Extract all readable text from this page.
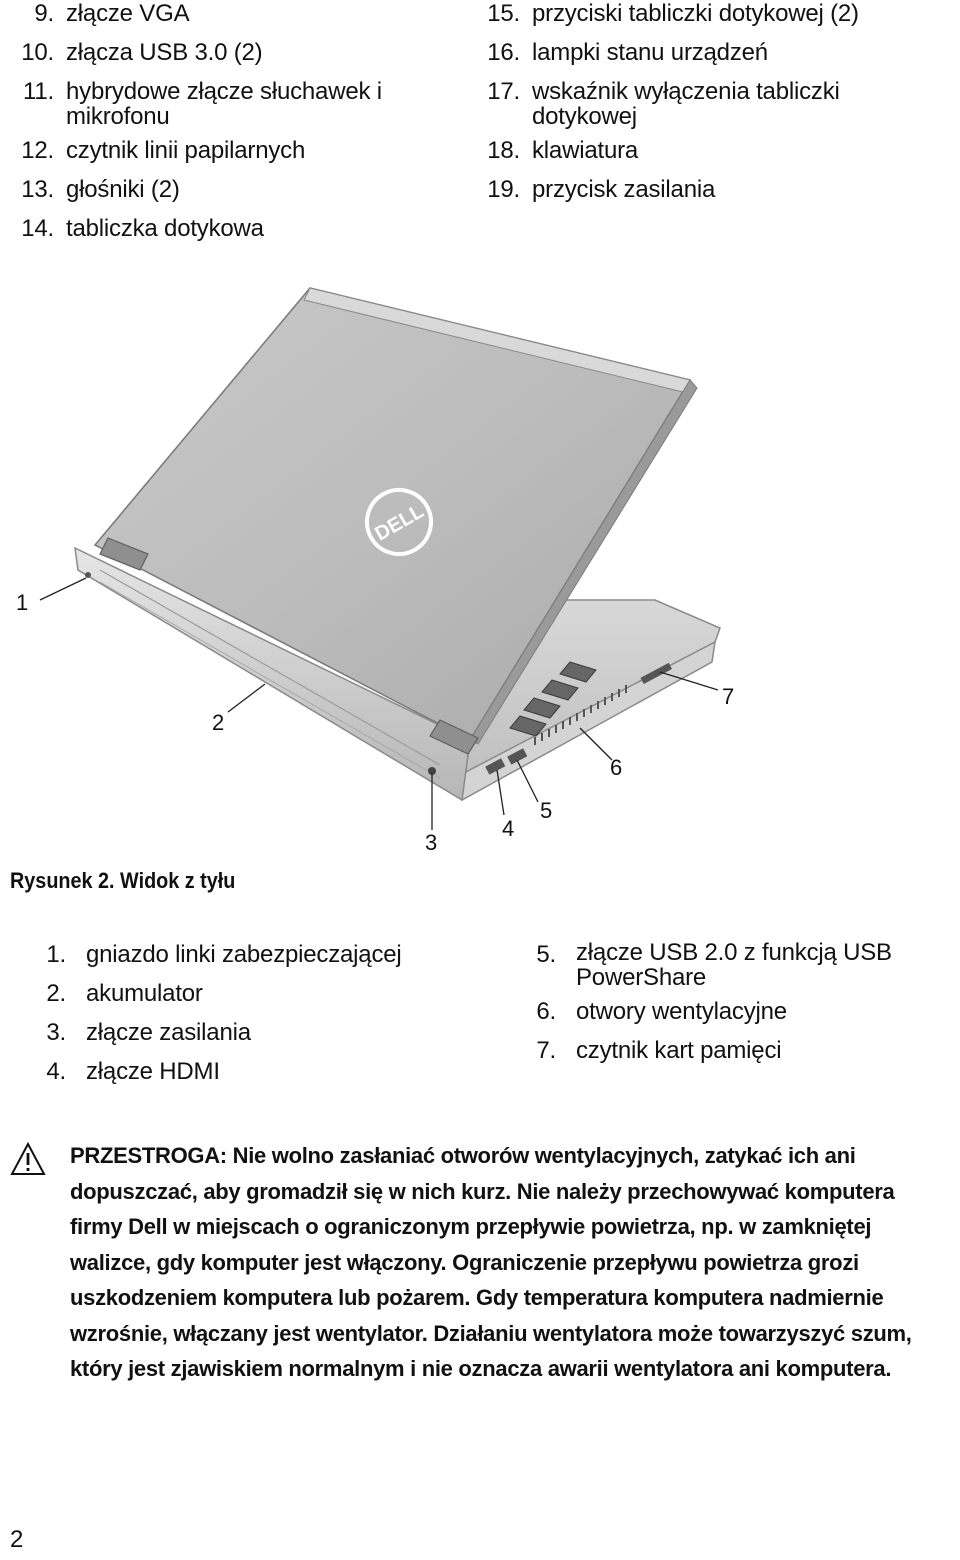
9. złącze VGA
10. złącza USB 3.0 (2)
11. hybrydowe złącze słuchawek i mikrofonu
12. czytnik linii papilarnych
13. głośniki (2)
14. tabliczka dotykowa
15. przyciski tabliczki dotykowej (2)
16. lampki stanu urządzeń
17. wskaźnik wyłączenia tabliczki dotykowej
18. klawiatura
19. przycisk zasilania
DELL
1
2
3
4
5
6
7
Rysunek 2. Widok z tyłu
1. gniazdo linki zabezpieczającej
2. akumulator
3. złącze zasilania
4. złącze HDMI
5. złącze USB 2.0 z funkcją USB PowerShare
6. otwory wentylacyjne
7. czytnik kart pamięci
PRZESTROGA: Nie wolno zasłaniać otworów wentylacyjnych, zatykać ich ani dopuszczać, aby gromadził się w nich kurz. Nie należy przechowywać komputera firmy Dell w miejscach o ograniczonym przepływie powietrza, np. w zamkniętej walizce, gdy komputer jest włączony. Ograniczenie przepływu powietrza grozi uszkodzeniem komputera lub pożarem. Gdy temperatura komputera nadmiernie wzrośnie, włączany jest wentylator. Działaniu wentylatora może towarzyszyć szum, który jest zjawiskiem normalnym i nie oznacza awarii wentylatora ani komputera.
2
